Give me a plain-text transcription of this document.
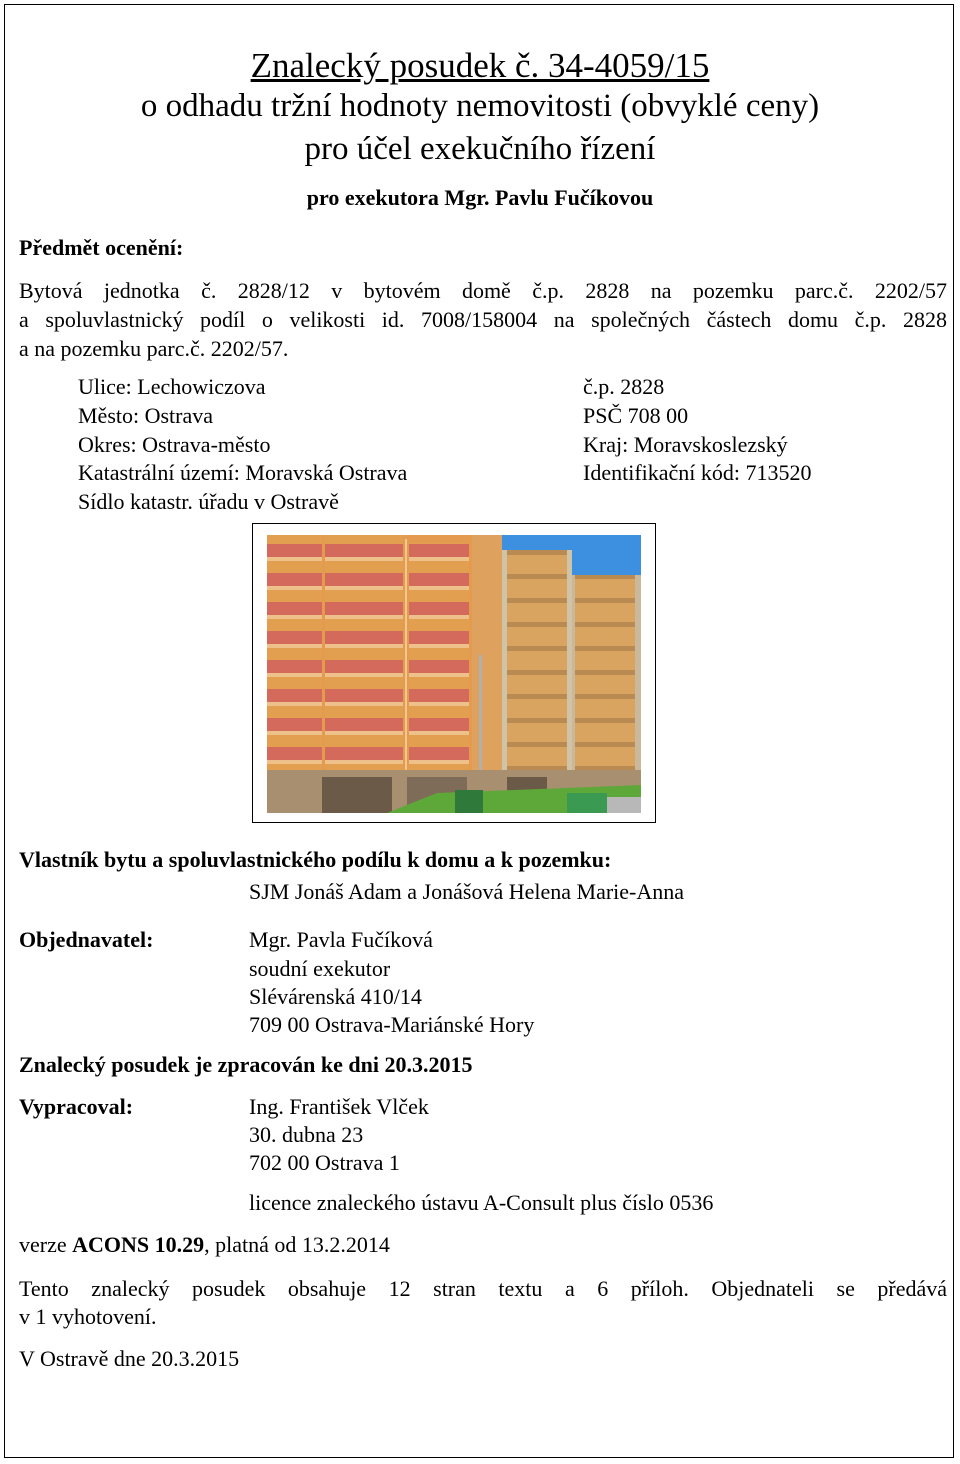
Znalecký posudek č. 34-4059/15
o odhadu tržní hodnoty nemovitosti (obvyklé ceny)
pro účel exekučního řízení
pro exekutora Mgr. Pavlu Fučíkovou
Předmět ocenění:
Bytová jednotka č. 2828/12 v bytovém domě č.p. 2828 na pozemku parc.č. 2202/57
a spoluvlastnický podíl o velikosti id. 7008/158004 na společných částech domu č.p. 2828
a na pozemku parc.č. 2202/57.
Ulice: Lechowiczova	č.p. 2828
Město: Ostrava	PSČ 708 00
Okres: Ostrava-město	Kraj: Moravskoslezský
Katastrální území: Moravská Ostrava	Identifikační kód: 713520
Sídlo katastr. úřadu v Ostravě
Vlastník bytu a spoluvlastnického podílu k domu a k pozemku:
SJM Jonáš Adam a Jonášová Helena Marie-Anna
Objednavatel:	Mgr. Pavla Fučíková
soudní exekutor
Slévárenská 410/14
709 00 Ostrava-Mariánské Hory
Znalecký posudek je zpracován ke dni 20.3.2015
Vypracoval:	Ing. František Vlček
30. dubna 23
702 00 Ostrava 1
licence znaleckého ústavu A-Consult plus číslo 0536
verze ACONS 10.29, platná od 13.2.2014
Tento znalecký posudek obsahuje 12 stran textu a 6 příloh. Objednateli se předává
v 1 vyhotovení.
V Ostravě dne 20.3.2015
